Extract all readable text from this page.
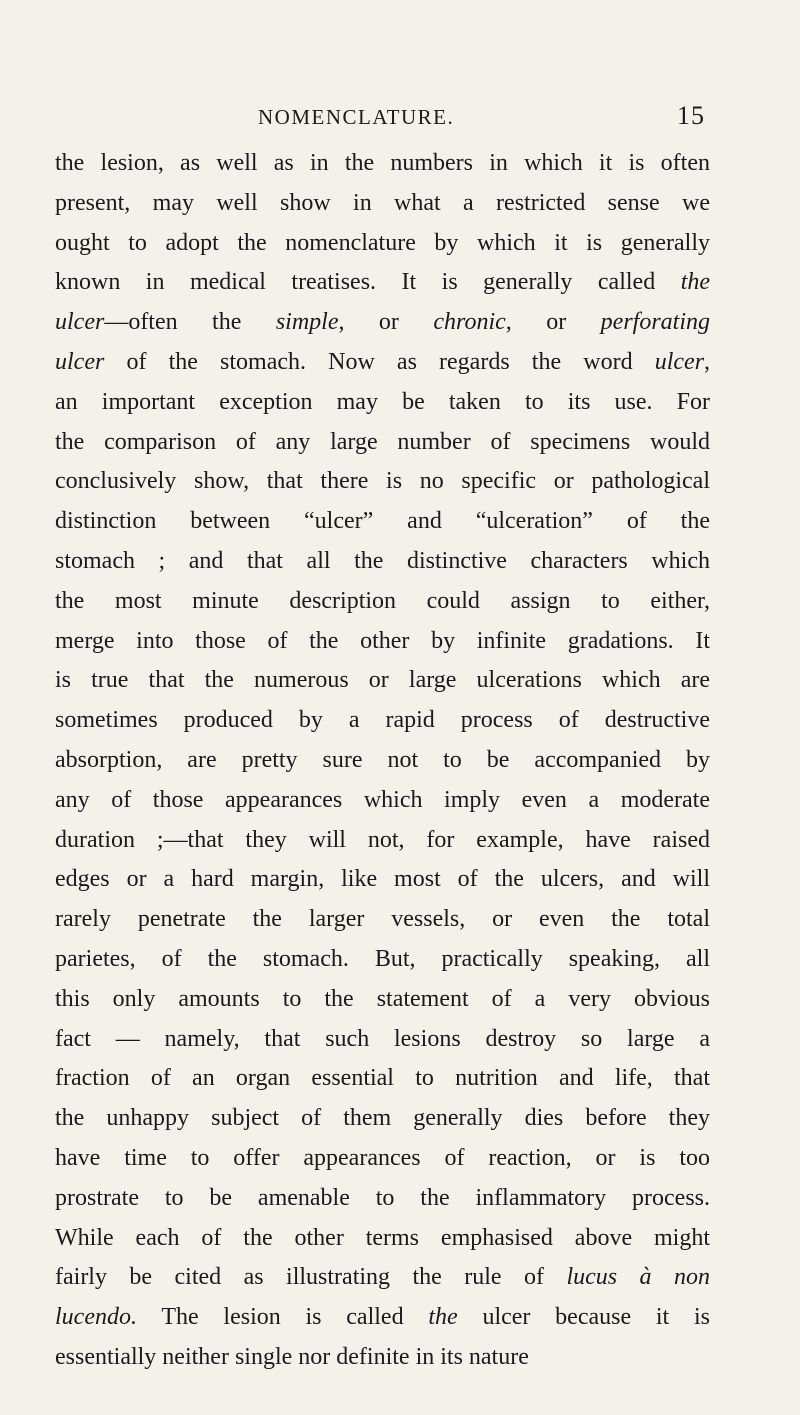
NOMENCLATURE.	15
the lesion, as well as in the numbers in which it is often
present, may well show in what a restricted sense we
ought to adopt the nomenclature by which it is generally
known in medical treatises. It is generally called the
ulcer—often the simple, or chronic, or perforating
ulcer of the stomach. Now as regards the word ulcer,
an important exception may be taken to its use. For
the comparison of any large number of specimens would
conclusively show, that there is no specific or pathological
distinction between “ulcer” and “ulceration” of the
stomach ; and that all the distinctive characters which
the most minute description could assign to either,
merge into those of the other by infinite gradations. It
is true that the numerous or large ulcerations which are
sometimes produced by a rapid process of destructive
absorption, are pretty sure not to be accompanied by
any of those appearances which imply even a moderate
duration ;—that they will not, for example, have raised
edges or a hard margin, like most of the ulcers, and will
rarely penetrate the larger vessels, or even the total
parietes, of the stomach. But, practically speaking, all
this only amounts to the statement of a very obvious
fact — namely, that such lesions destroy so large a
fraction of an organ essential to nutrition and life, that
the unhappy subject of them generally dies before they
have time to offer appearances of reaction, or is too
prostrate to be amenable to the inflammatory process.
While each of the other terms emphasised above might
fairly be cited as illustrating the rule of lucus à non
lucendo. The lesion is called the ulcer because it is
essentially neither single nor definite in its nature
